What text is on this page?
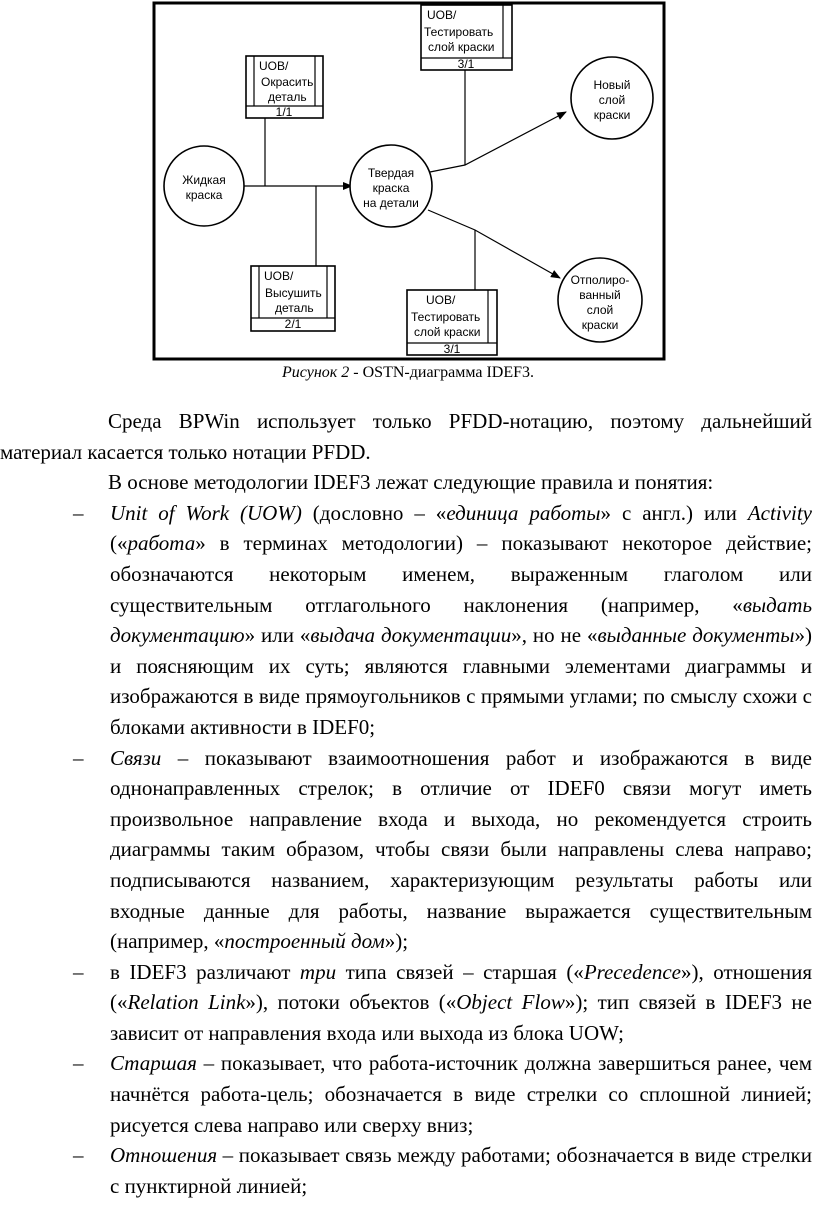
Жидкая
краска
Твердая
краска
на детали
Новый
слой
краски
Отполиро-
ванный
слой
краски
UOB/
Окрасить
деталь
1/1
UOB/
Высушить
деталь
2/1
UOB/
Тестировать
слой краски
3/1
UOB/
Тестировать
слой краски
3/1
Рисунок 2 - OSTN-диаграмма IDEF3.

Среда BPWin использует только PFDD-нотацию, поэтому дальнейший материал касается только нотации PFDD.

В основе методологии IDEF3 лежат следующие правила и понятия:

– Unit of Work (UOW) (дословно – «единица работы» с англ.) или Activity («работа» в терминах методологии) – показывают некоторое действие; обозначаются некоторым именем, выраженным глаголом или существительным отглагольного наклонения (например, «выдать документацию» или «выдача документации», но не «выданные документы») и поясняющим их суть; являются главными элементами диаграммы и изображаются в виде прямоугольников с прямыми углами; по смыслу схожи с блоками активности в IDEF0;

– Связи – показывают взаимоотношения работ и изображаются в виде однонаправленных стрелок; в отличие от IDEF0 связи могут иметь произвольное направление входа и выхода, но рекомендуется строить диаграммы таким образом, чтобы связи были направлены слева направо; подписываются названием, характеризующим результаты работы или входные данные для работы, название выражается существительным (например, «построенный дом»);

– в IDEF3 различают три типа связей – старшая («Precedence»), отношения («Relation Link»), потоки объектов («Object Flow»); тип связей в IDEF3 не зависит от направления входа или выхода из блока UOW;

– Старшая – показывает, что работа-источник должна завершиться ранее, чем начнётся работа-цель; обозначается в виде стрелки со сплошной линией; рисуется слева направо или сверху вниз;

– Отношения – показывает связь между работами; обозначается в виде стрелки с пунктирной линией;
